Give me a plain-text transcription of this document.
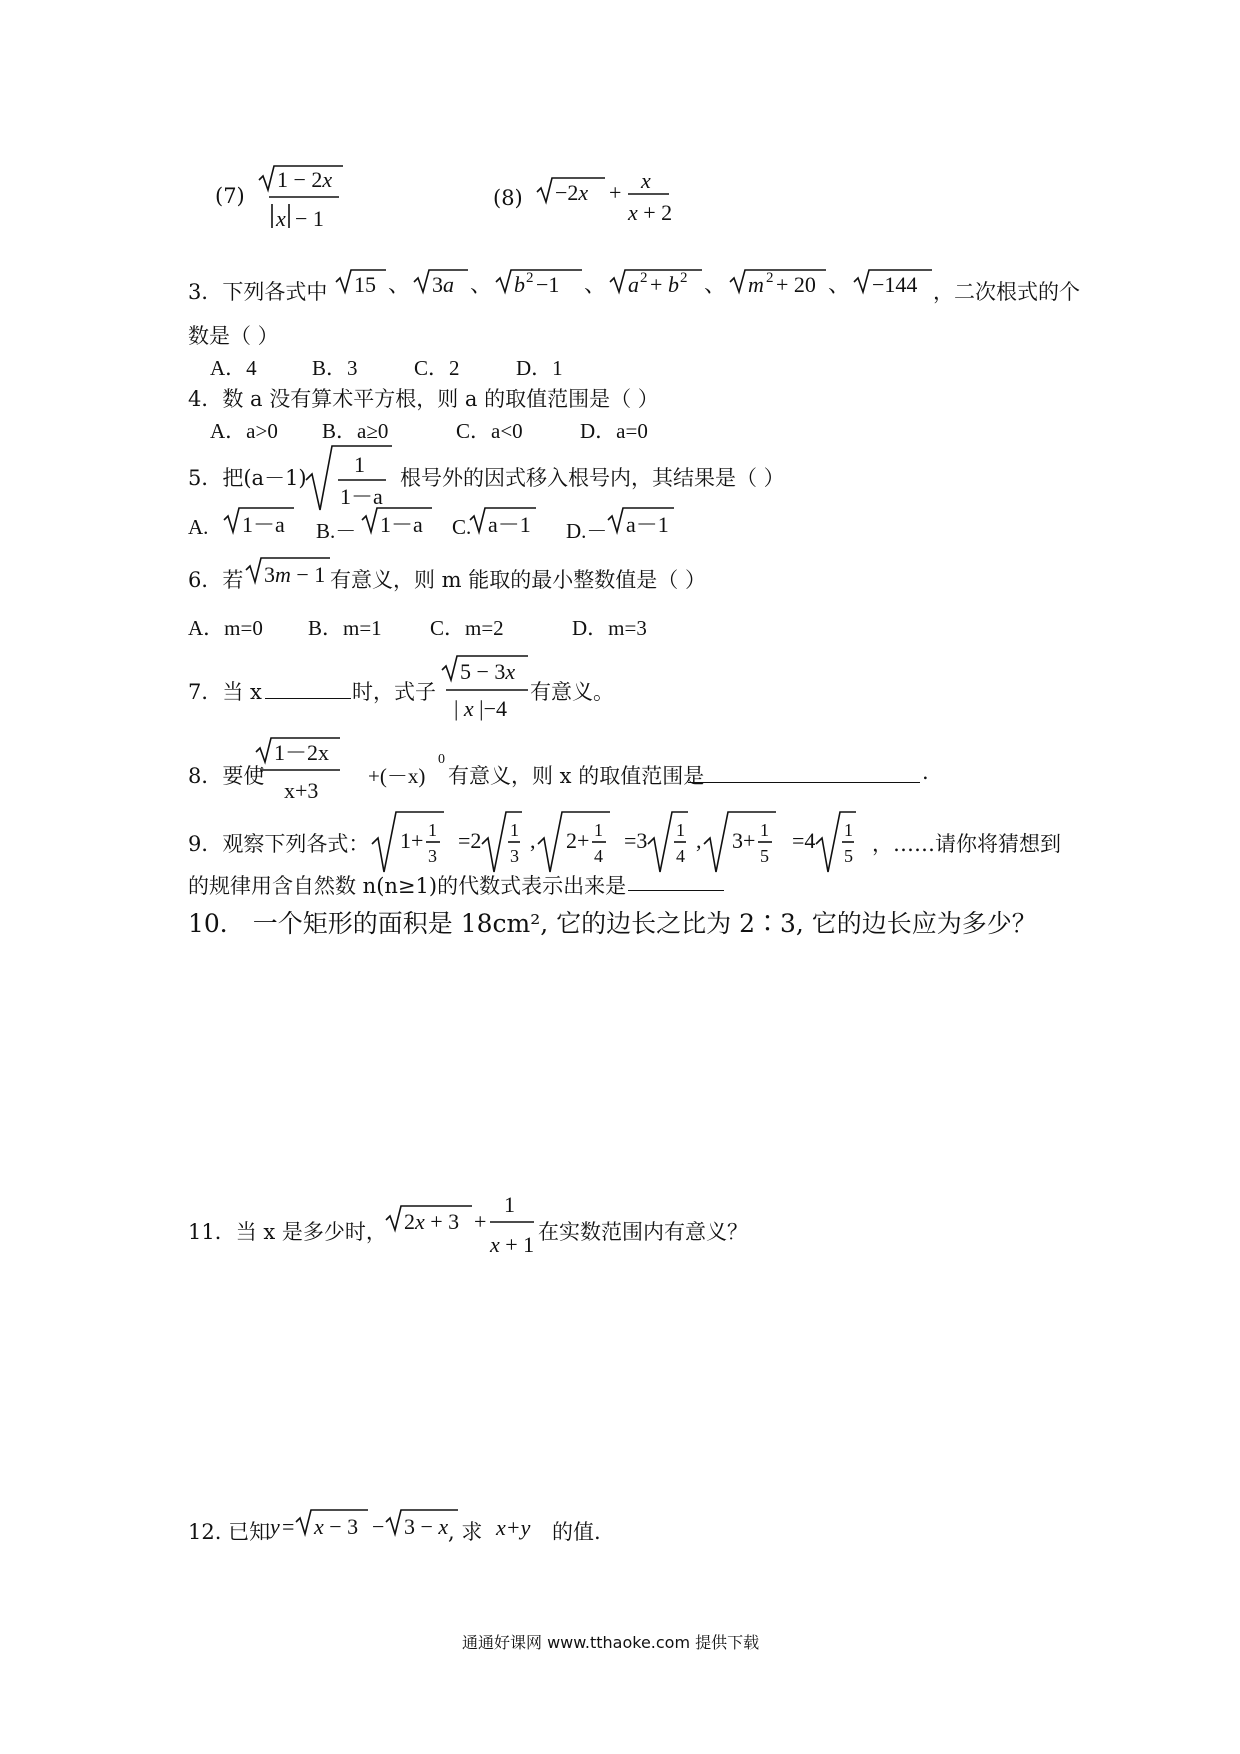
(7)
1 − 2x
x − 1
(8) −2x + x
x + 2
3．下列各式中 15 、 3a 、 b 2 −1 、 a 2 + b 2 、 m 2 + 20 、 −144 ，二次根式的个
数是（ ）
A．4	B．3	C．2	D．1
4．数 a 没有算术平方根，则 a 的取值范围是（ ）
A．a>0 B．a≥0	C．a<0	D．a=0
5．把(a－1)
1
1－a
根号外的因式移入根号内，其结果是（ ）
A. 1－a B.－ 1－a C. a－1 D.－ a－1
6．若 3m − 1 有意义，则 m 能取的最小整数值是（ ）
A．m=0 B．m=1 C．m=2	D．m=3
7．当 x	时，式子
5 − 3x
| x |−4
有意义。
8．要使
1－2x
x+3
+(－x)
0
有意义，则 x 的取值范围是	.
9．观察下列各式： 1+ 1
3
=2 1
3
, 2+ 1
4
=3 1
4
, 3+ 1
5
=4 1
5 ，……请你将猜想到
的规律用含自然数 n(n≥1)的代数式表示出来是
10． 一个矩形的面积是 18cm², 它的边长之比为 2∶3, 它的边长应为多少？
11．当 x 是多少时， 2x + 3 +
1
x + 1 在实数范围内有意义？
12. 已知 y = x − 3 − 3 − x , 求 x+y 的值.
通通好课网 www.tthaoke.com 提供下载
